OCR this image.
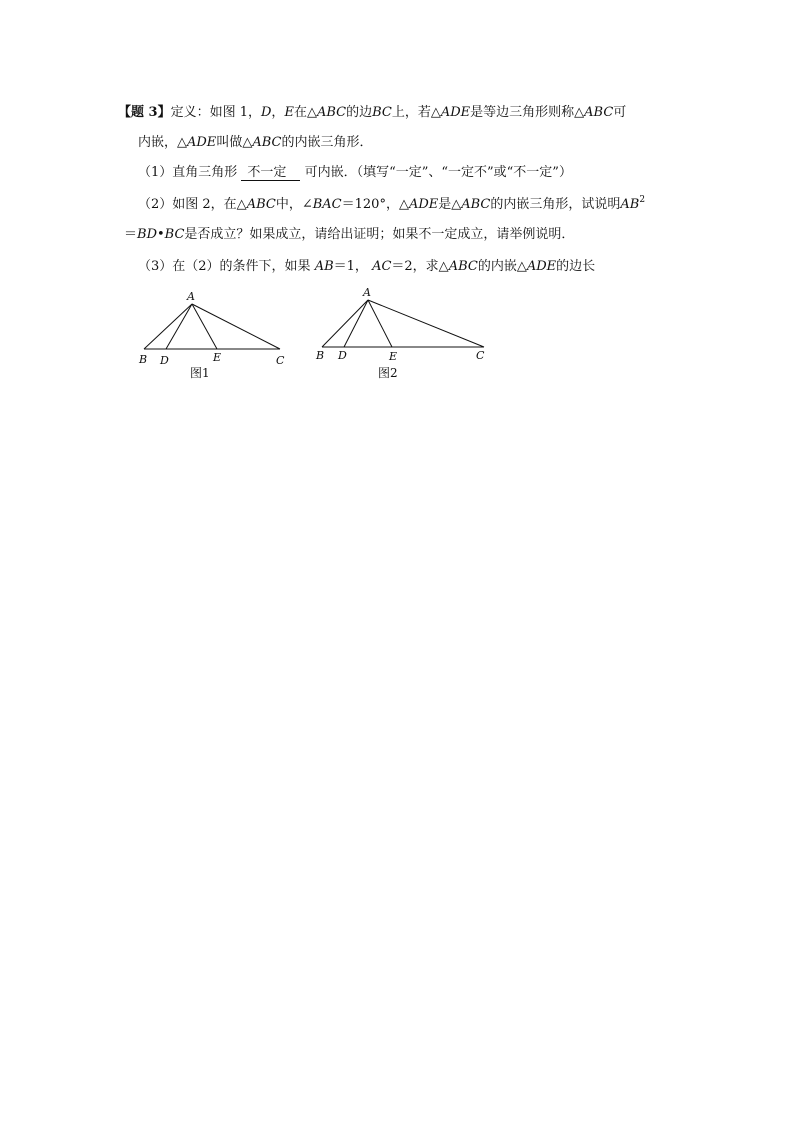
【题 3】定义：如图 1，D，E在△ABC的边BC上，若△ADE是等边三角形则称△ABC可
内嵌，△ADE叫做△ABC的内嵌三角形．
（1）直角三角形 不一定 可内嵌．（填写“一定”、“一定不”或“不一定”）
（2）如图 2，在△ABC中，∠BAC＝120°，△ADE是△ABC的内嵌三角形，试说明$AB^2$
＝BD•BC是否成立？如果成立，请给出证明；如果不一定成立，请举例说明．
（3）在（2）的条件下，如果 AB＝1， AC＝2，求△ABC的内嵌△ADE的边长
A
B D	E	C
图1
A
B D	E	C
图2
